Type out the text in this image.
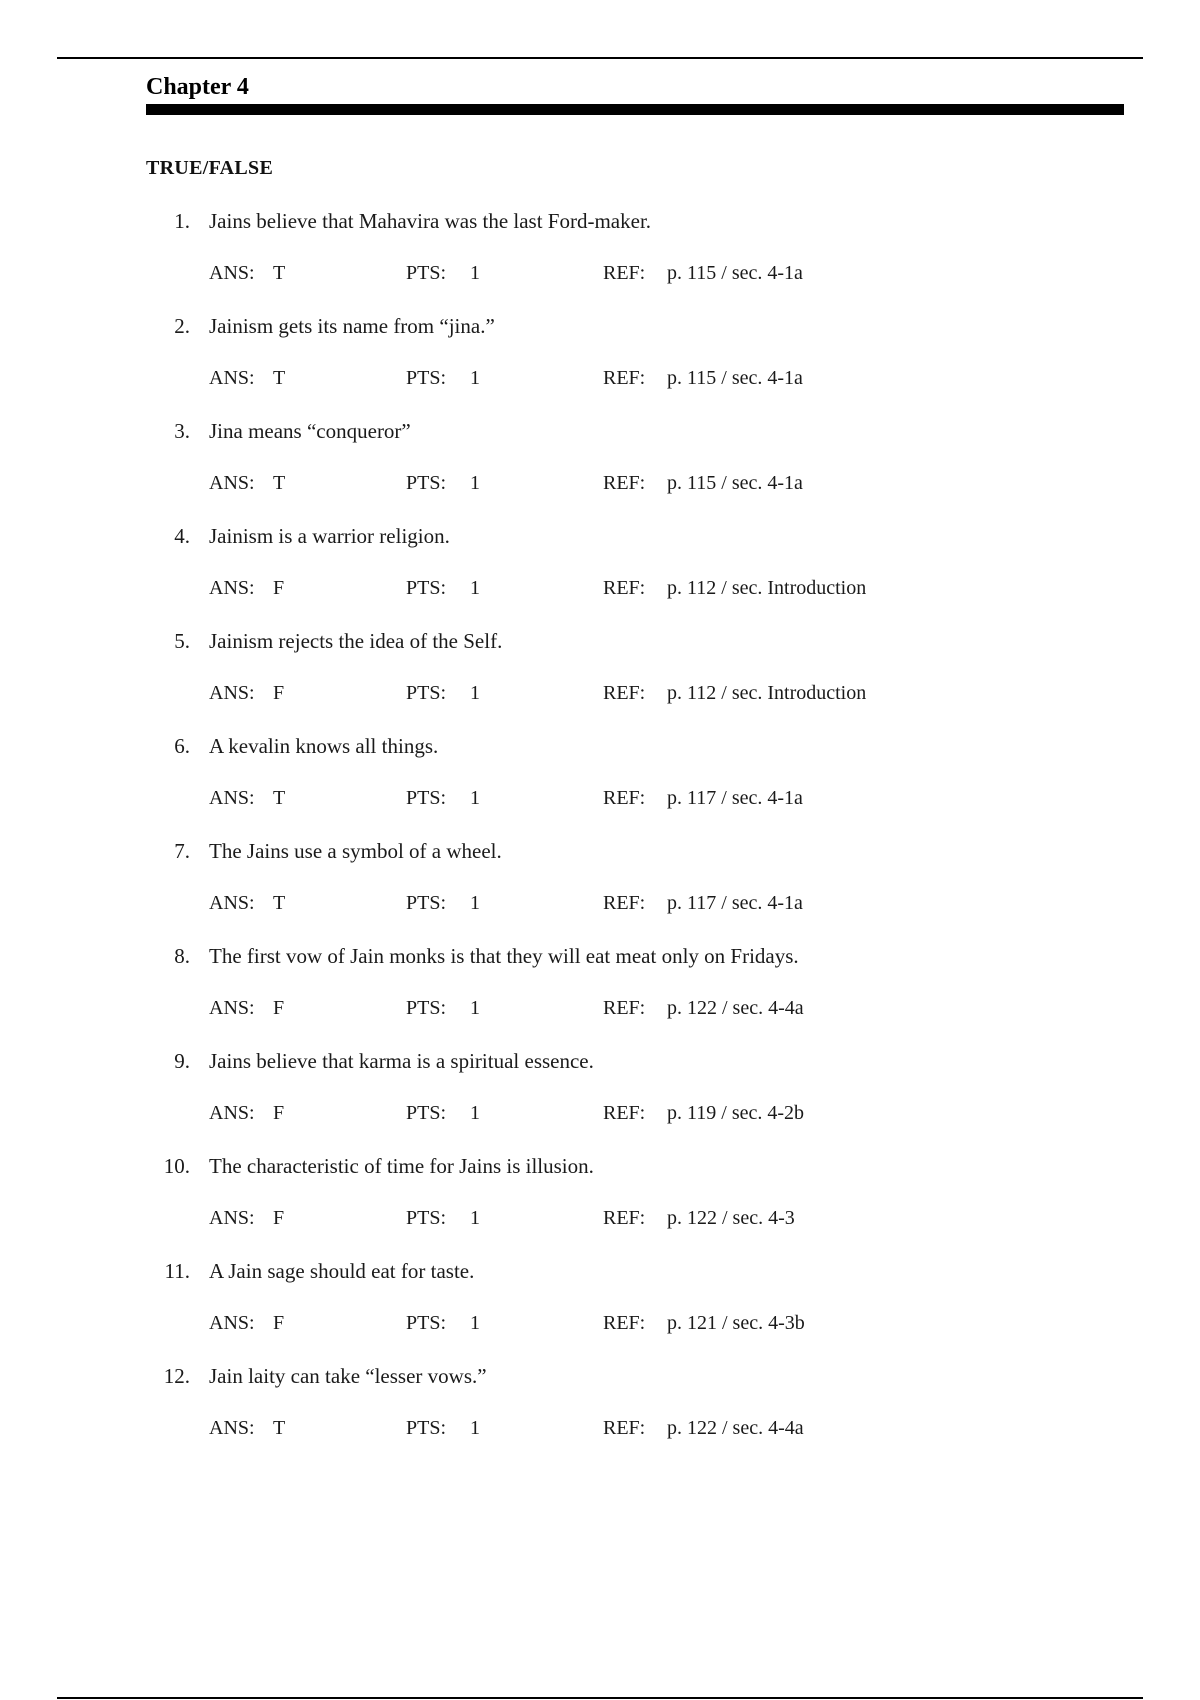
Chapter 4
TRUE/FALSE
1. Jains believe that Mahavira was the last Ford-maker.
ANS: T	PTS: 1	REF: p. 115 / sec. 4-1a
2. Jainism gets its name from “jina.”
ANS: T	PTS: 1	REF: p. 115 / sec. 4-1a
3. Jina means “conqueror”
ANS: T	PTS: 1	REF: p. 115 / sec. 4-1a
4. Jainism is a warrior religion.
ANS: F	PTS: 1	REF: p. 112 / sec. Introduction
5. Jainism rejects the idea of the Self.
ANS: F	PTS: 1	REF: p. 112 / sec. Introduction
6. A kevalin knows all things.
ANS: T	PTS: 1	REF: p. 117 / sec. 4-1a
7. The Jains use a symbol of a wheel.
ANS: T	PTS: 1	REF: p. 117 / sec. 4-1a
8. The first vow of Jain monks is that they will eat meat only on Fridays.
ANS: F	PTS: 1	REF: p. 122 / sec. 4-4a
9. Jains believe that karma is a spiritual essence.
ANS: F	PTS: 1	REF: p. 119 / sec. 4-2b
10. The characteristic of time for Jains is illusion.
ANS: F	PTS: 1	REF: p. 122 / sec. 4-3
11. A Jain sage should eat for taste.
ANS: F	PTS: 1	REF: p. 121 / sec. 4-3b
12. Jain laity can take “lesser vows.”
ANS: T	PTS: 1	REF: p. 122 / sec. 4-4a
